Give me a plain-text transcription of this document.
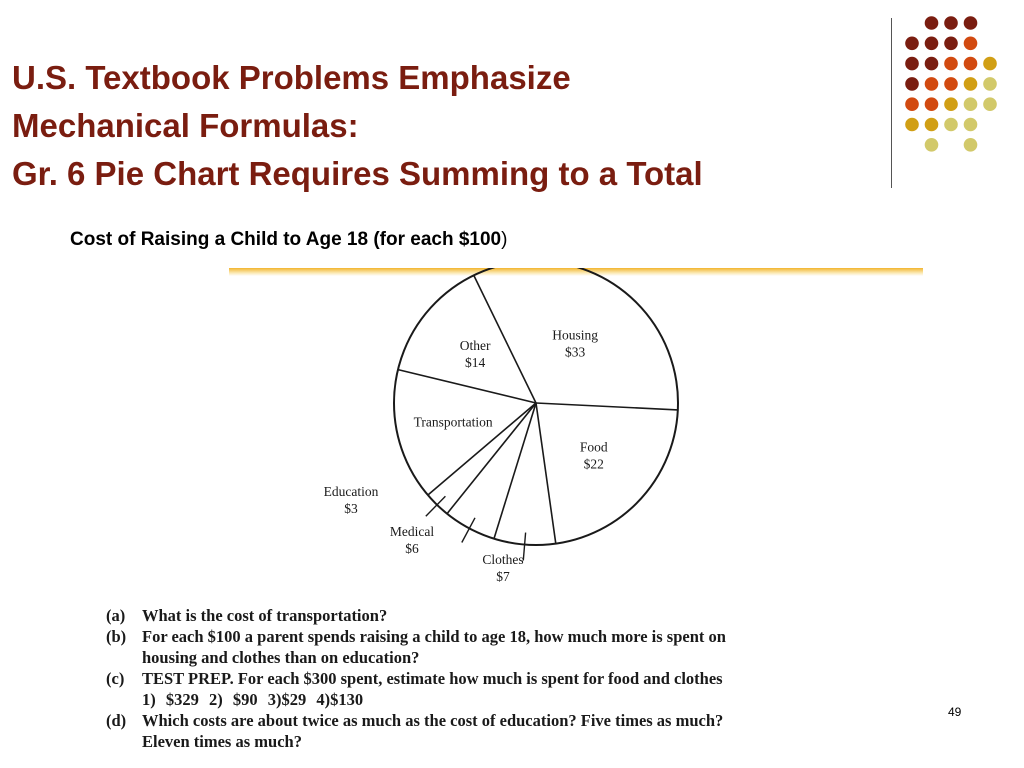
U.S. Textbook Problems Emphasize
Mechanical Formulas:
Gr. 6 Pie Chart Requires Summing to a Total
Cost of Raising a Child to Age 18 (for each $100)
Housing
$33
Food
$22
Clothes
$7
Medical
$6
Education
$3
Transportation
Other
$14
(a)	What is the cost of transportation?
(b) For each $100 a parent spends raising a child to age 18, how much more is spent on
housing and clothes than on education?
(c)	TEST PREP. For each $300 spent, estimate how much is spent for food and clothes
1) $329 2) $90 3)$29 4)$130
(d) Which costs are about twice as much as the cost of education? Five times as much?
Eleven times as much?
49
